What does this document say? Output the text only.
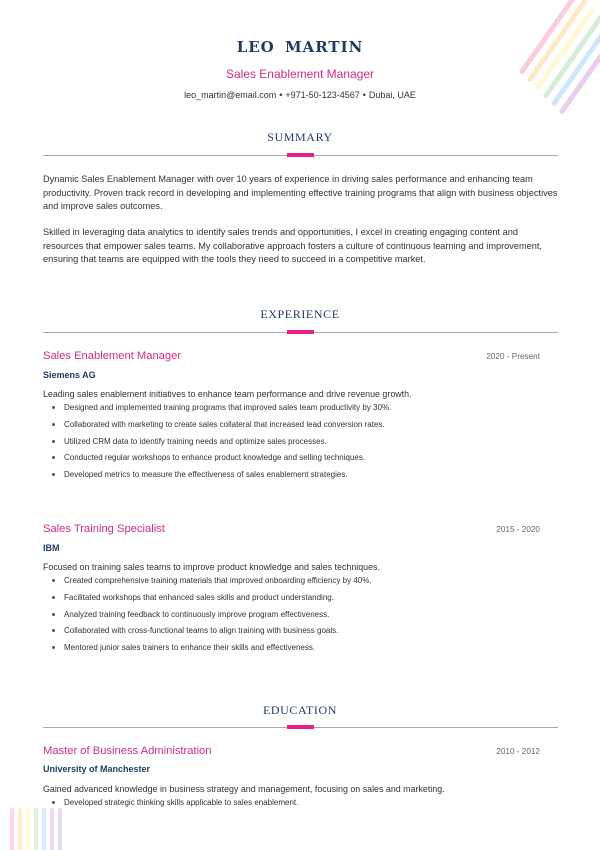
LEO MARTIN
Sales Enablement Manager
leo_martin@email.com • +971-50-123-4567 • Dubai, UAE
SUMMARY

Dynamic Sales Enablement Manager with over 10 years of experience in driving sales performance and enhancing team productivity. Proven track record in developing and implementing effective training programs that align with business objectives and improve sales outcomes.

Skilled in leveraging data analytics to identify sales trends and opportunities, I excel in creating engaging content and resources that empower sales teams. My collaborative approach fosters a culture of continuous learning and improvement, ensuring that teams are equipped with the tools they need to succeed in a competitive market.

EXPERIENCE
Sales Enablement Manager	2020 - Present
Siemens AG
Leading sales enablement initiatives to enhance team performance and drive revenue growth.
Designed and implemented training programs that improved sales team productivity by 30%.
Collaborated with marketing to create sales collateral that increased lead conversion rates.
Utilized CRM data to identify training needs and optimize sales processes.
Conducted regular workshops to enhance product knowledge and selling techniques.
Developed metrics to measure the effectiveness of sales enablement strategies.
Sales Training Specialist	2015 - 2020
IBM
Focused on training sales teams to improve product knowledge and sales techniques.
Created comprehensive training materials that improved onboarding efficiency by 40%.
Facilitated workshops that enhanced sales skills and product understanding.
Analyzed training feedback to continuously improve program effectiveness.
Collaborated with cross-functional teams to align training with business goals.
Mentored junior sales trainers to enhance their skills and effectiveness.
EDUCATION
Master of Business Administration	2010 - 2012
University of Manchester
Gained advanced knowledge in business strategy and management, focusing on sales and marketing.
Developed strategic thinking skills applicable to sales enablement.
